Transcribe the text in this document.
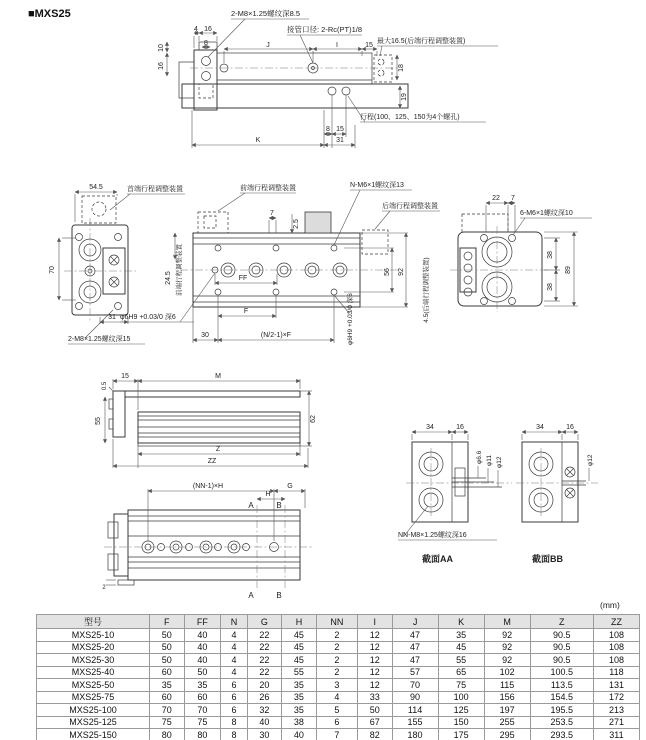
■MXS25	2-M8×1.25螺纹深8.5
接管口径: 2-Rc(PT)1/8
最大16.5(后端行程调整装置)
行程(100、125、150为4个螺孔)
4 16
8	J	I	15
10
16	18
19
8 15
K	31
54.5	首端行程调整装置
70
31
2-M8×1.25螺纹深15
前端行程调整装置	N-M6×1螺纹深13
后端行程调整装置
7
2.5
24.5 前端行程调整装置	FF
F
30	(N/2-1)×F
56 92	4.5(后端行程调整装置)
φ6H9 +0.03/0 深6	φ6H9 +0.03/0 深6
22 7
6-M6×1螺纹深10
38
38
89
15	M
0.5
55	62
Z
ZZ
(NN-1)×H	G
H
A	B
A	B
2
34	16
φ6.6 φ11 φ12
NN-M8×1.25螺纹深16
截面AA
34	16
φ12
截面BB
(mm)
型号	F	FF	N	G	H	NN	I	J	K	M	Z	ZZ
MXS25-10	50	40	4	22	45	2	12	47	35	92	90.5	108
MXS25-20	50	40	4	22	45	2	12	47	45	92	90.5	108
MXS25-30	50	40	4	22	45	2	12	47	55	92	90.5	108
MXS25-40	60	50	4	22	55	2	12	57	65	102	100.5	118
MXS25-50	35	35	6	20	35	3	12	70	75	115	113.5	131
MXS25-75	60	60	6	26	35	4	33	90	100	156	154.5	172
MXS25-100	70	70	6	32	35	5	50	114	125	197	195.5	213
MXS25-125	75	75	8	40	38	6	67	155	150	255	253.5	271
MXS25-150	80	80	8	30	40	7	82	180	175	295	293.5	311
